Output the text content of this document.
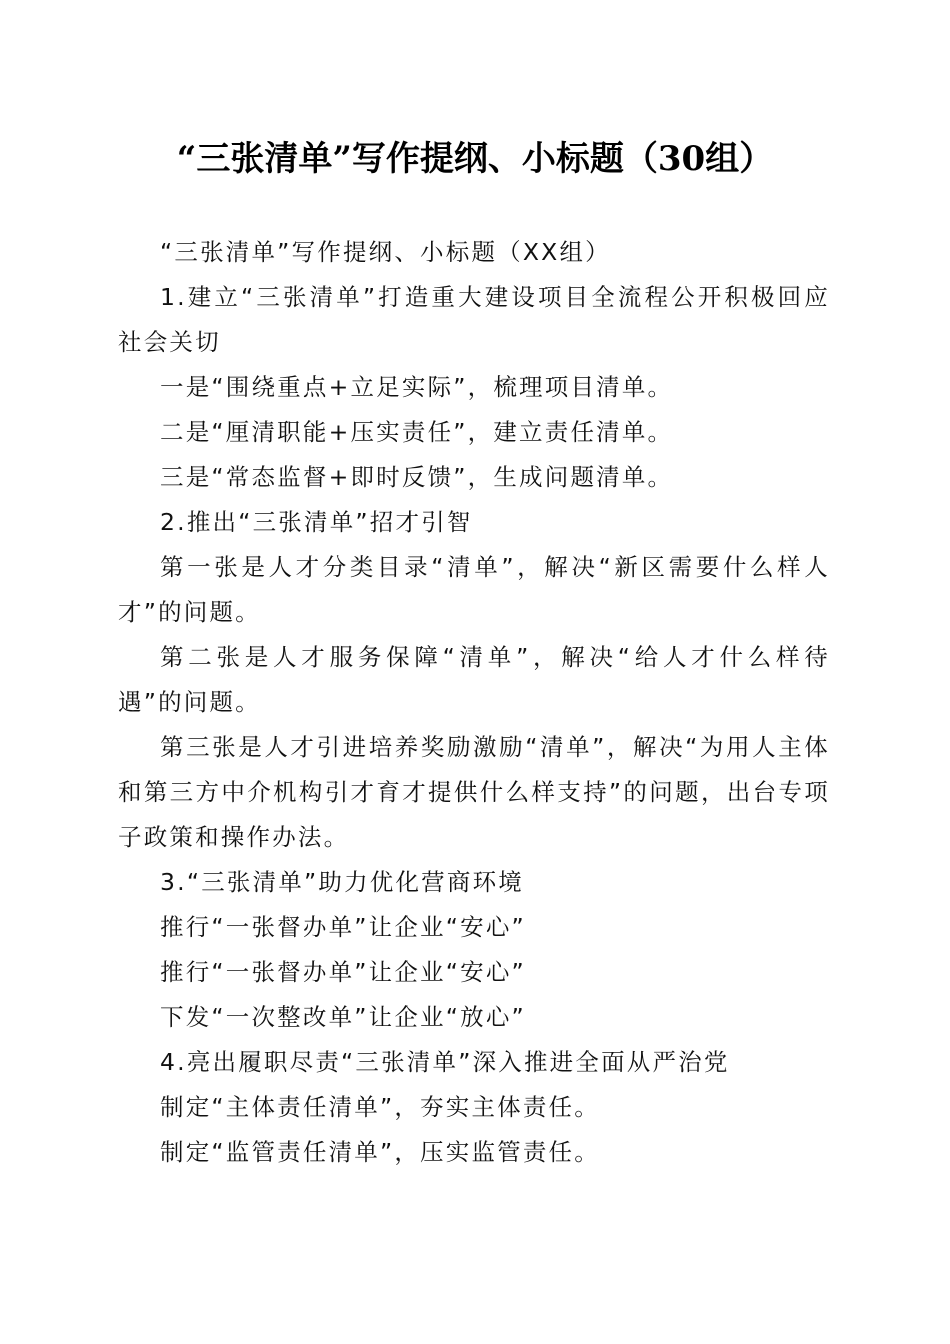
“三张清单”写作提纲、小标题（30组）

“三张清单”写作提纲、小标题（XX组）

1.建立“三张清单”打造重大建设项目全流程公开积极回应社会关切

一是“围绕重点+立足实际”，梳理项目清单。

二是“厘清职能+压实责任”，建立责任清单。

三是“常态监督+即时反馈”，生成问题清单。

2.推出“三张清单”招才引智

第一张是人才分类目录“清单”，解决“新区需要什么样人才”的问题。

第二张是人才服务保障“清单”，解决“给人才什么样待遇”的问题。

第三张是人才引进培养奖励激励“清单”，解决“为用人主体和第三方中介机构引才育才提供什么样支持”的问题，出台专项子政策和操作办法。

3.“三张清单”助力优化营商环境

推行“一张督办单”让企业“安心”

推行“一张督办单”让企业“安心”

下发“一次整改单”让企业“放心”

4.亮出履职尽责“三张清单”深入推进全面从严治党

制定“主体责任清单”，夯实主体责任。

制定“监管责任清单”，压实监管责任。
